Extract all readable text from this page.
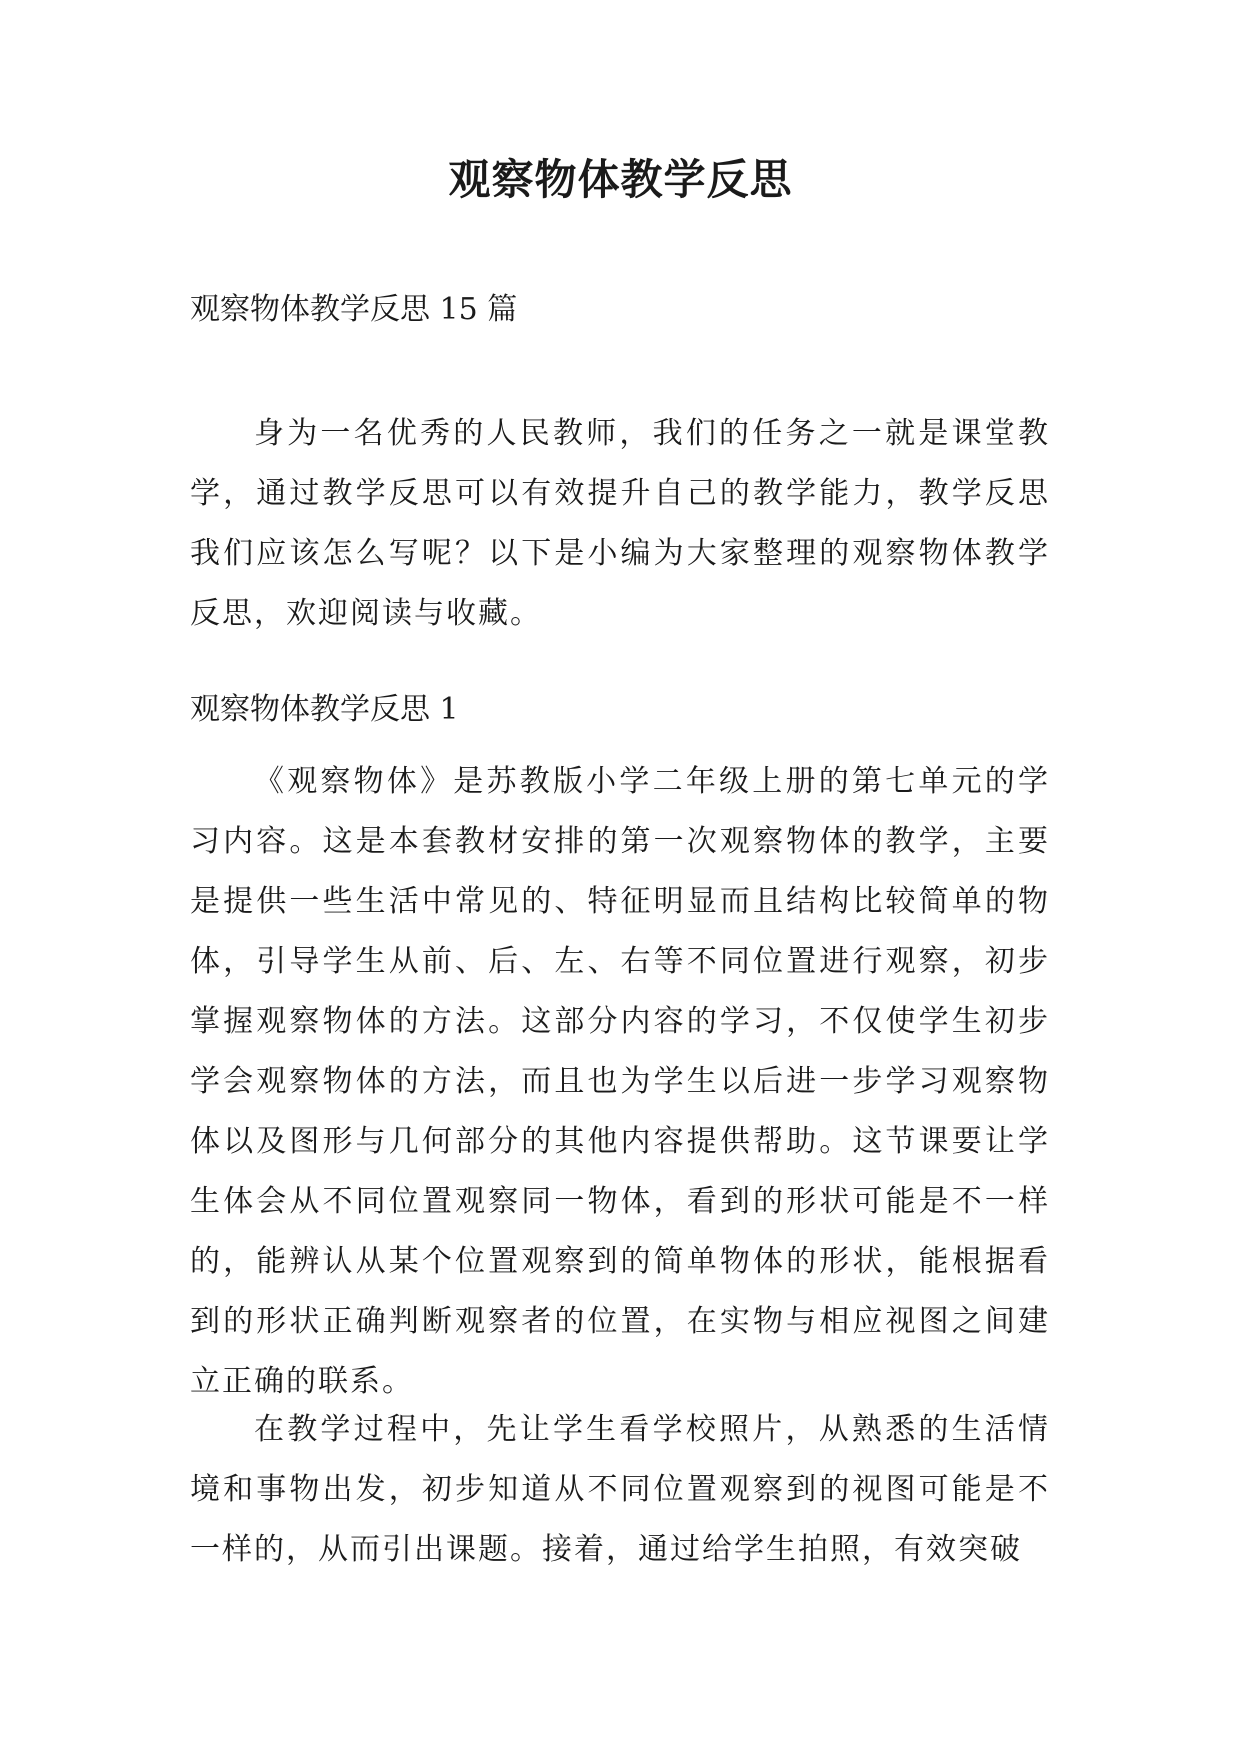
观察物体教学反思
观察物体教学反思 15 篇

身为一名优秀的人民教师，我们的任务之一就是课堂教学，通过教学反思可以有效提升自己的教学能力，教学反思我们应该怎么写呢？以下是小编为大家整理的观察物体教学反思，欢迎阅读与收藏。

观察物体教学反思 1

《观察物体》是苏教版小学二年级上册的第七单元的学习内容。这是本套教材安排的第一次观察物体的教学，主要是提供一些生活中常见的、特征明显而且结构比较简单的物体，引导学生从前、后、左、右等不同位置进行观察，初步掌握观察物体的方法。这部分内容的学习，不仅使学生初步学会观察物体的方法，而且也为学生以后进一步学习观察物体以及图形与几何部分的其他内容提供帮助。这节课要让学生体会从不同位置观察同一物体，看到的形状可能是不一样的，能辨认从某个位置观察到的简单物体的形状，能根据看到的形状正确判断观察者的位置，在实物与相应视图之间建立正确的联系。

在教学过程中，先让学生看学校照片，从熟悉的生活情境和事物出发，初步知道从不同位置观察到的视图可能是不一样的，从而引出课题。接着，通过给学生拍照，有效突破
